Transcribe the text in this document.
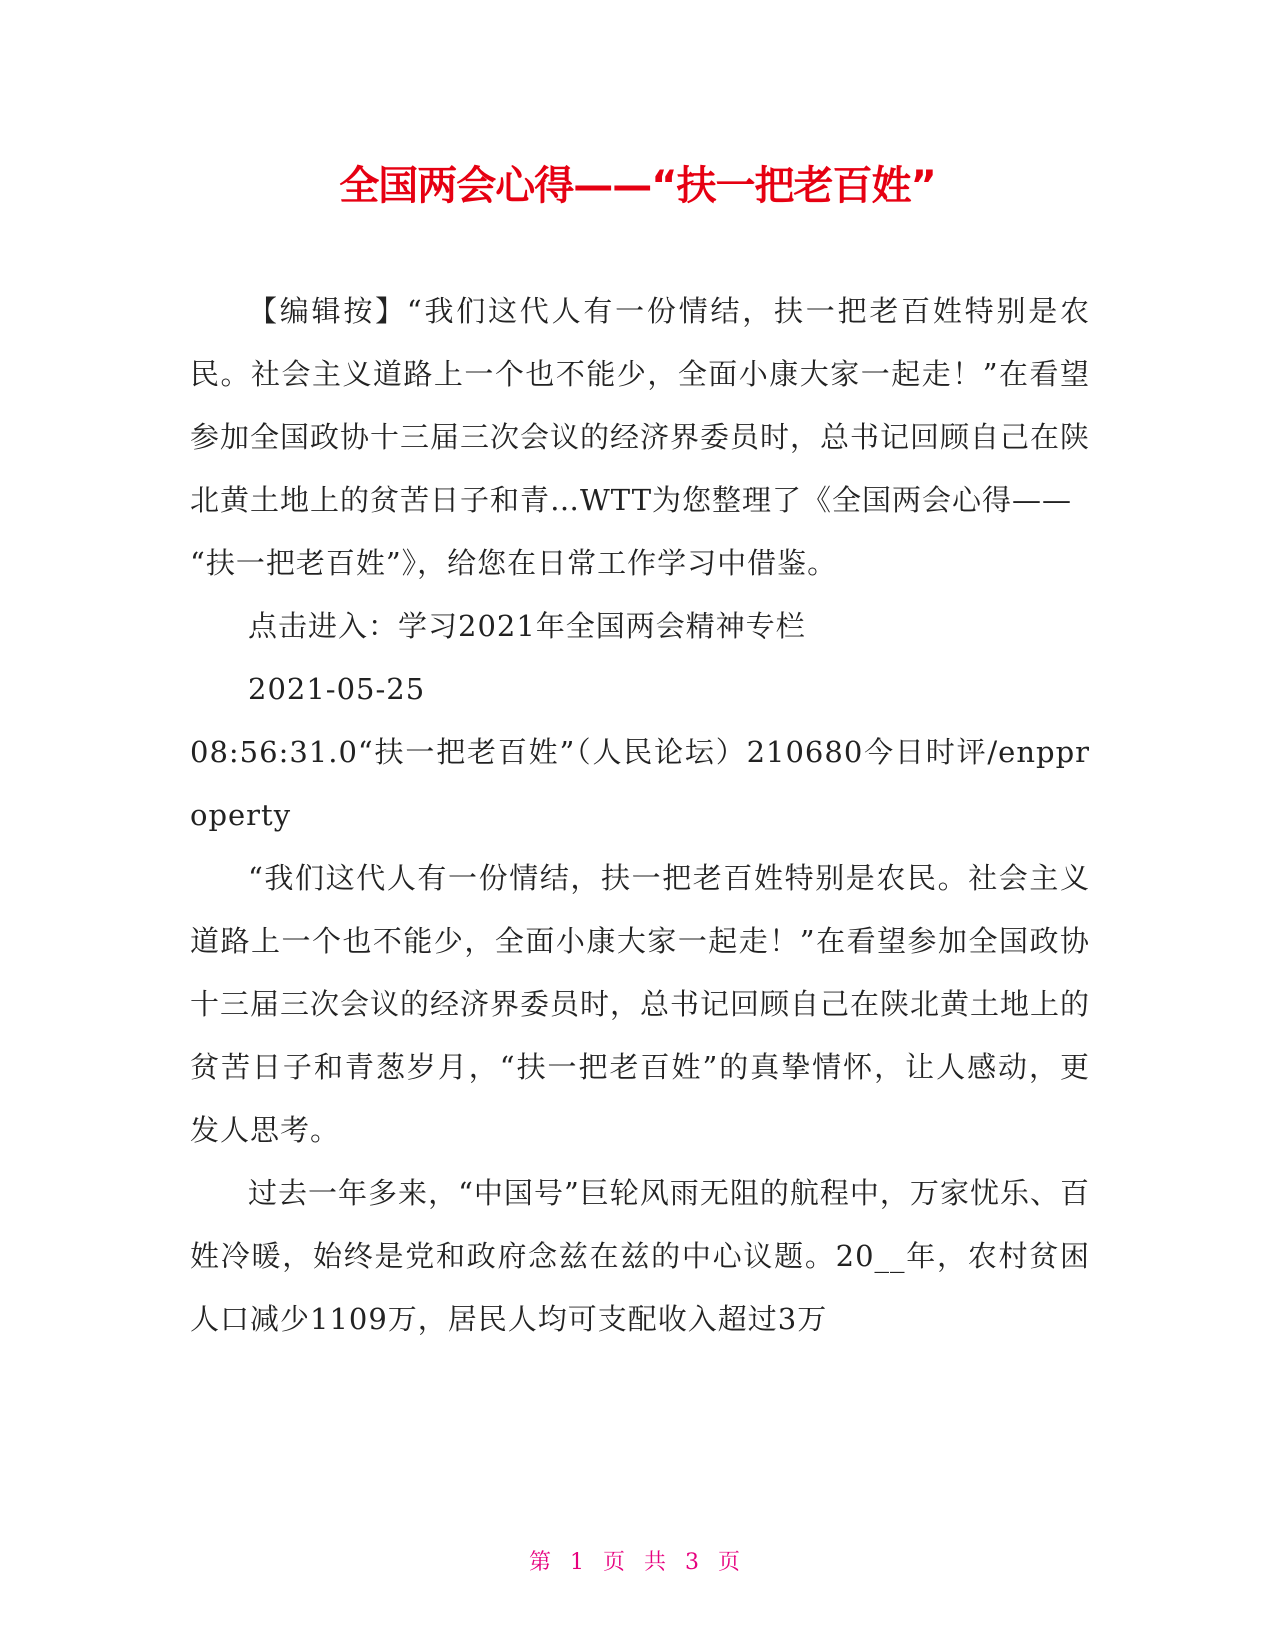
全国两会心得——“扶一把老百姓”

【编辑按】“我们这代人有一份情结，扶一把老百姓特别是农民。社会主义道路上一个也不能少，全面小康大家一起走！”在看望参加全国政协十三届三次会议的经济界委员时，总书记回顾自己在陕北黄土地上的贫苦日子和青…WTT为您整理了《全国两会心得——

“扶一把老百姓”》，给您在日常工作学习中借鉴。

点击进入：学习2021年全国两会精神专栏

2021-05-25

08:56:31.0“扶一把老百姓”（人民论坛）210680今日时评/enpproperty

“我们这代人有一份情结，扶一把老百姓特别是农民。社会主义道路上一个也不能少，全面小康大家一起走！”在看望参加全国政协十三届三次会议的经济界委员时，总书记回顾自己在陕北黄土地上的贫苦日子和青葱岁月，“扶一把老百姓”的真挚情怀，让人感动，更发人思考。

过去一年多来，“中国号”巨轮风雨无阻的航程中，万家忧乐、百姓冷暖，始终是党和政府念兹在兹的中心议题。20__年，农村贫困人口减少1109万，居民人均可支配收入超过3万

第 1 页 共 3 页
